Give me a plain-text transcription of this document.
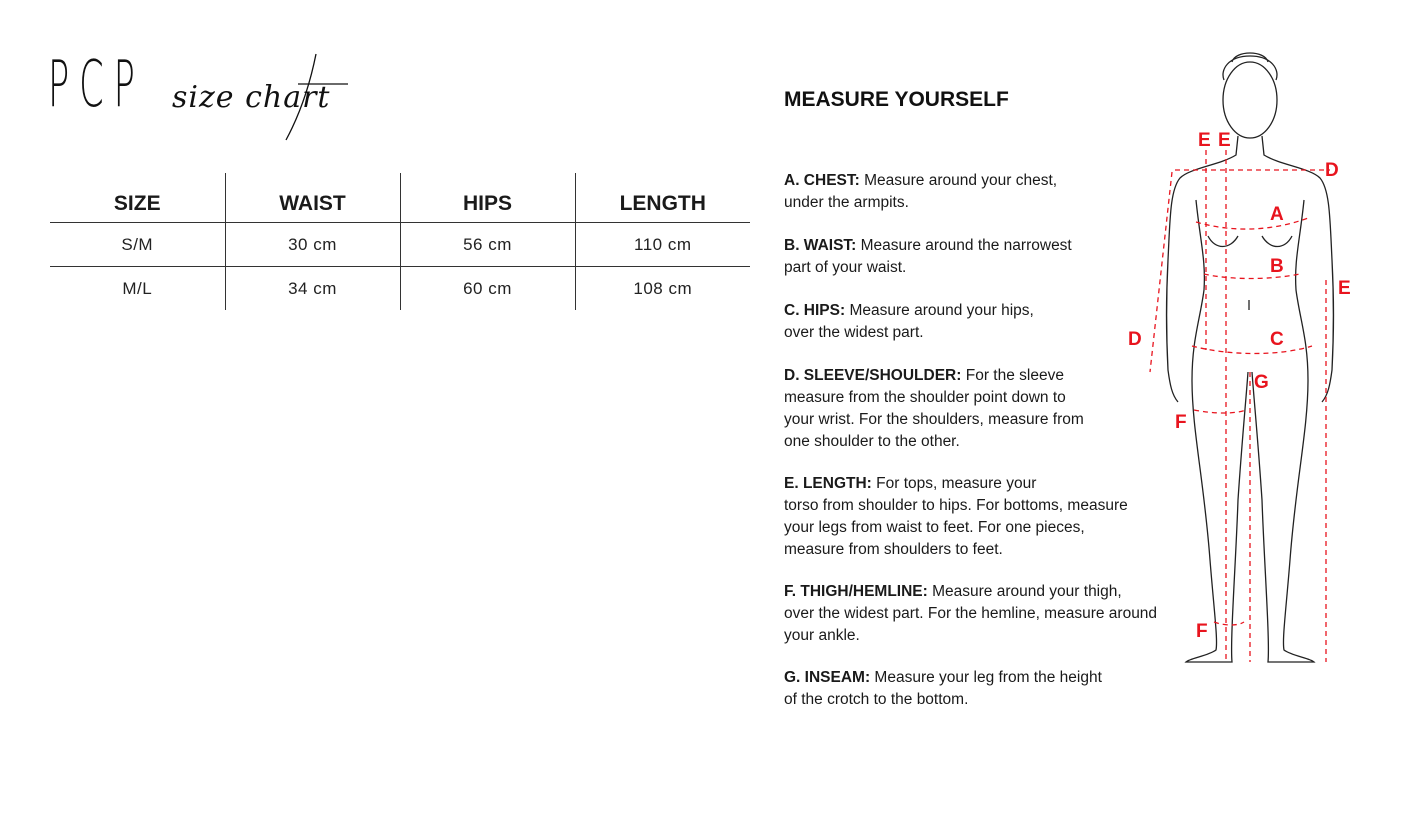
PCP size chart
SIZE	WAIST	HIPS	LENGTH
S/M	30 cm	56 cm	110 cm
M/L	34 cm	60 cm	108 cm
MEASURE YOURSELF
A. CHEST: Measure around your chest,
under the armpits.
B. WAIST: Measure around the narrowest
part of your waist.
C. HIPS: Measure around your hips,
over the widest part.
D. SLEEVE/SHOULDER: For the sleeve
measure from the shoulder point down to
your wrist. For the shoulders, measure from
one shoulder to the other.
E. LENGTH: For tops, measure your
torso from shoulder to hips. For bottoms, measure
your legs from waist to feet. For one pieces,
measure from shoulders to feet.
F. THIGH/HEMLINE: Measure around your thigh,
over the widest part. For the hemline, measure around
your ankle.
G. INSEAM: Measure your leg from the height
of the crotch to the bottom.
E E
D
A
B
E
D	C
G
F
F
